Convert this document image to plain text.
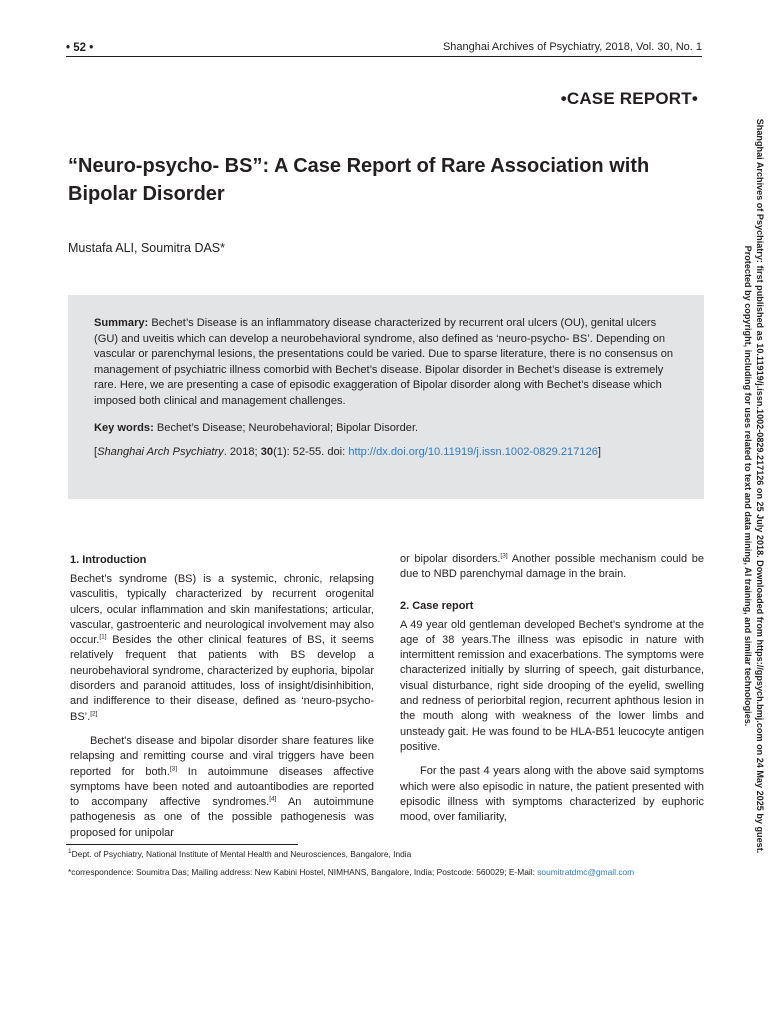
• 52 •	Shanghai Archives of Psychiatry, 2018, Vol. 30, No. 1
•CASE REPORT•
“Neuro-psycho- BS”: A Case Report of Rare Association with Bipolar Disorder
Mustafa ALI, Soumitra DAS*

Summary: Bechet’s Disease is an inflammatory disease characterized by recurrent oral ulcers (OU), genital ulcers (GU) and uveitis which can develop a neurobehavioral syndrome, also defined as ‘neuro-psycho- BS’. Depending on vascular or parenchymal lesions, the presentations could be varied. Due to sparse literature, there is no consensus on management of psychiatric illness comorbid with Bechet’s disease. Bipolar disorder in Bechet’s disease is extremely rare. Here, we are presenting a case of episodic exaggeration of Bipolar disorder along with Bechet’s disease which imposed both clinical and management challenges.

Key words: Bechet’s Disease; Neurobehavioral; Bipolar Disorder.

[Shanghai Arch Psychiatry. 2018; 30(1): 52-55. doi: http://dx.doi.org/10.11919/j.issn.1002-0829.217126]

1. Introduction

Bechet’s syndrome (BS) is a systemic, chronic, relapsing vasculitis, typically characterized by recurrent orogenital ulcers, ocular inflammation and skin manifestations; articular, vascular, gastroenteric and neurological involvement may also occur.[1] Besides the other clinical features of BS, it seems relatively frequent that patients with BS develop a neurobehavioral syndrome, characterized by euphoria, bipolar disorders and paranoid attitudes, loss of insight/disinhibition, and indifference to their disease, defined as ‘neuro-psycho-BS’.[2]

Bechet's disease and bipolar disorder share features like relapsing and remitting course and viral triggers have been reported for both.[3] In autoimmune diseases affective symptoms have been noted and autoantibodies are reported to accompany affective syndromes.[4] An autoimmune pathogenesis as one of the possible pathogenesis was proposed for unipolar

or bipolar disorders.[3] Another possible mechanism could be due to NBD parenchymal damage in the brain.

2. Case report

A 49 year old gentleman developed Bechet’s syndrome at the age of 38 years.The illness was episodic in nature with intermittent remission and exacerbations. The symptoms were characterized initially by slurring of speech, gait disturbance, visual disturbance, right side drooping of the eyelid, swelling and redness of periorbital region, recurrent aphthous lesion in the mouth along with weakness of the lower limbs and unsteady gait. He was found to be HLA-B51 leucocyte antigen positive.

For the past 4 years along with the above said symptoms which were also episodic in nature, the patient presented with episodic illness with symptoms characterized by euphoric mood, over familiarity,

$^1$Dept. of Psychiatry, National Institute of Mental Health and Neurosciences, Bangalore, India
*correspondence: Soumitra Das; Mailing address: New Kabini Hostel, NIMHANS, Bangalore, India; Postcode: 560029; E-Mail: soumitratdmc@gmail.com
Shanghai Archives of Psychiatry: first published as 10.11919/j.issn.1002-0829.217126 on 25 July 2018. Downloaded from https://gpsych.bmj.com on 24 May 2025 by guest.
Protected by copyright, including for uses related to text and data mining, AI training, and similar technologies.
